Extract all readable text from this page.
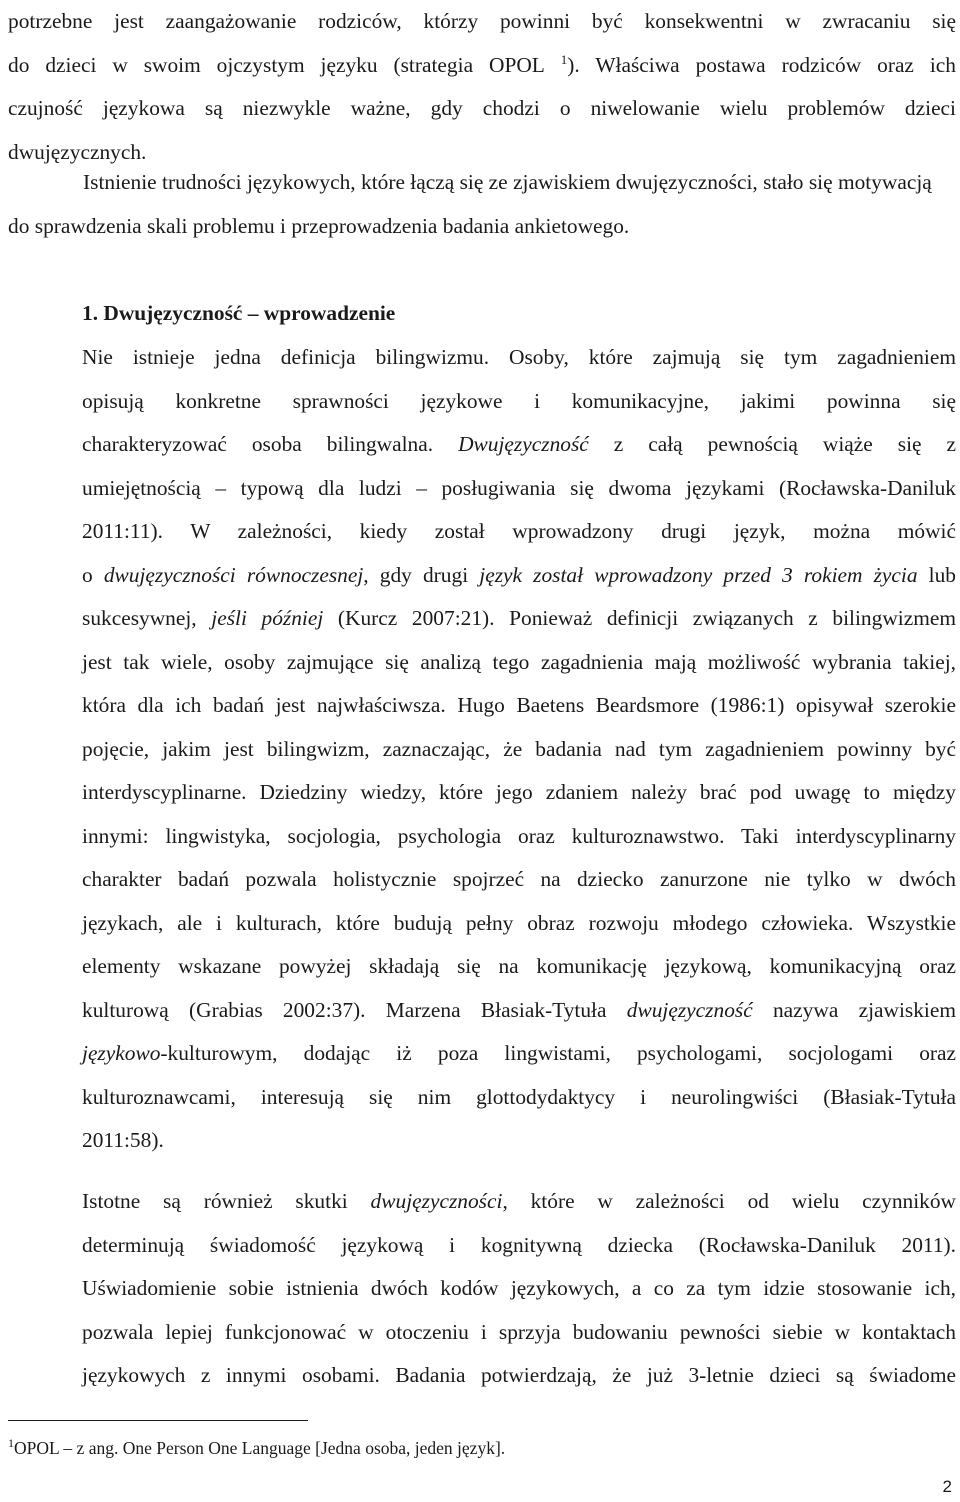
potrzebne jest zaangażowanie rodziców, którzy powinni być konsekwentni w zwracaniu się
do dzieci w swoim ojczystym języku (strategia OPOL $^1$). Właściwa postawa rodziców oraz ich
czujność językowa są niezwykle ważne, gdy chodzi o niwelowanie wielu problemów dzieci
dwujęzycznych.
Istnienie trudności językowych, które łączą się ze zjawiskiem dwujęzyczności, stało się motywacją do sprawdzenia skali problemu i przeprowadzenia badania ankietowego.
1. Dwujęzyczność – wprowadzenie
Nie istnieje jedna definicja bilingwizmu. Osoby, które zajmują się tym zagadnieniem
opisują konkretne sprawności językowe i komunikacyjne, jakimi powinna się
charakteryzować osoba bilingwalna. Dwujęzyczność z całą pewnością wiąże się z
umiejętnością – typową dla ludzi – posługiwania się dwoma językami (Rocławska-Daniluk
2011:11). W zależności, kiedy został wprowadzony drugi język, można mówić
o dwujęzyczności równoczesnej, gdy drugi język został wprowadzony przed 3 rokiem życia lub
sukcesywnej, jeśli później (Kurcz 2007:21). Ponieważ definicji związanych z bilingwizmem
jest tak wiele, osoby zajmujące się analizą tego zagadnienia mają możliwość wybrania takiej,
która dla ich badań jest najwłaściwsza. Hugo Baetens Beardsmore (1986:1) opisywał szerokie
pojęcie, jakim jest bilingwizm, zaznaczając, że badania nad tym zagadnieniem powinny być
interdyscyplinarne. Dziedziny wiedzy, które jego zdaniem należy brać pod uwagę to między
innymi: lingwistyka, socjologia, psychologia oraz kulturoznawstwo. Taki interdyscyplinarny
charakter badań pozwala holistycznie spojrzeć na dziecko zanurzone nie tylko w dwóch
językach, ale i kulturach, które budują pełny obraz rozwoju młodego człowieka. Wszystkie
elementy wskazane powyżej składają się na komunikację językową, komunikacyjną oraz
kulturową (Grabias 2002:37). Marzena Błasiak-Tytuła dwujęzyczność nazywa zjawiskiem
językowo-kulturowym, dodając iż poza lingwistami, psychologami, socjologami oraz
kulturoznawcami, interesują się nim glottodydaktycy i neurolingwiści (Błasiak-Tytuła
2011:58).
Istotne są również skutki dwujęzyczności, które w zależności od wielu czynników
determinują świadomość językową i kognitywną dziecka (Rocławska-Daniluk 2011).
Uświadomienie sobie istnienia dwóch kodów językowych, a co za tym idzie stosowanie ich,
pozwala lepiej funkcjonować w otoczeniu i sprzyja budowaniu pewności siebie w kontaktach
językowych z innymi osobami. Badania potwierdzają, że już 3-letnie dzieci są świadome
$^1$OPOL – z ang. One Person One Language [Jedna osoba, jeden język].
2
